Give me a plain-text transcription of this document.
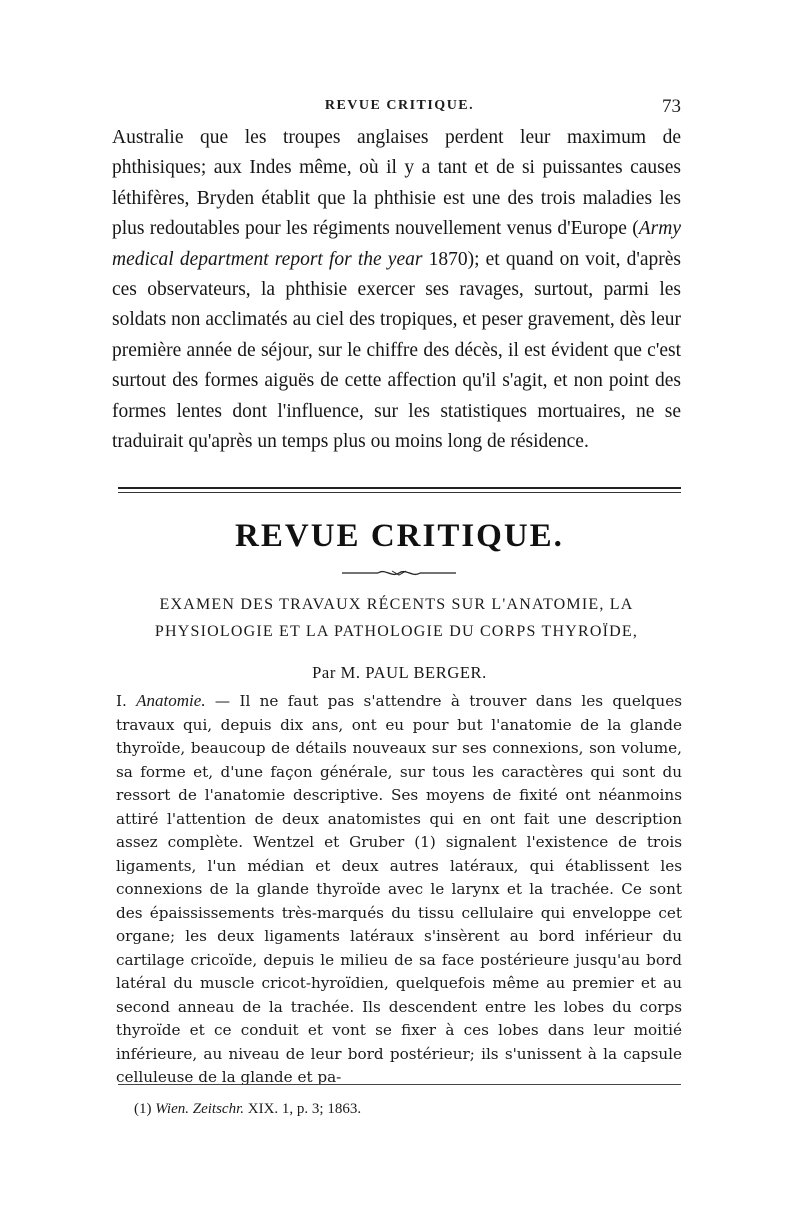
REVUE CRITIQUE.	73

Australie que les troupes anglaises perdent leur maximum de phthisiques; aux Indes même, où il y a tant et de si puissantes causes léthifères, Bryden établit que la phthisie est une des trois maladies les plus redoutables pour les régiments nouvellement venus d'Europe (Army medical department report for the year 1870); et quand on voit, d'après ces observateurs, la phthisie exercer ses ravages, surtout, parmi les soldats non acclimatés au ciel des tropiques, et peser gravement, dès leur première année de séjour, sur le chiffre des décès, il est évident que c'est surtout des formes aiguës de cette affection qu'il s'agit, et non point des formes lentes dont l'influence, sur les statistiques mortuaires, ne se traduirait qu'après un temps plus ou moins long de résidence.

REVUE CRITIQUE.

EXAMEN DES TRAVAUX RÉCENTS SUR L'ANATOMIE, LA PHYSIOLOGIE ET LA PATHOLOGIE DU CORPS THYROÏDE,

Par M. PAUL BERGER.

I. Anatomie. — Il ne faut pas s'attendre à trouver dans les quelques travaux qui, depuis dix ans, ont eu pour but l'anatomie de la glande thyroïde, beaucoup de détails nouveaux sur ses connexions, son volume, sa forme et, d'une façon générale, sur tous les caractères qui sont du ressort de l'anatomie descriptive. Ses moyens de fixité ont néanmoins attiré l'attention de deux anatomistes qui en ont fait une description assez complète. Wentzel et Gruber (1) signalent l'existence de trois ligaments, l'un médian et deux autres latéraux, qui établissent les connexions de la glande thyroïde avec le larynx et la trachée. Ce sont des épaississements très-marqués du tissu cellulaire qui enveloppe cet organe; les deux ligaments latéraux s'insèrent au bord inférieur du cartilage cricoïde, depuis le milieu de sa face postérieure jusqu'au bord latéral du muscle cricot-hyroïdien, quelquefois même au premier et au second anneau de la trachée. Ils descendent entre les lobes du corps thyroïde et ce conduit et vont se fixer à ces lobes dans leur moitié inférieure, au niveau de leur bord postérieur; ils s'unissent à la capsule celluleuse de la glande et pa-

(1) Wien. Zeitschr. XIX. 1, p. 3; 1863.
